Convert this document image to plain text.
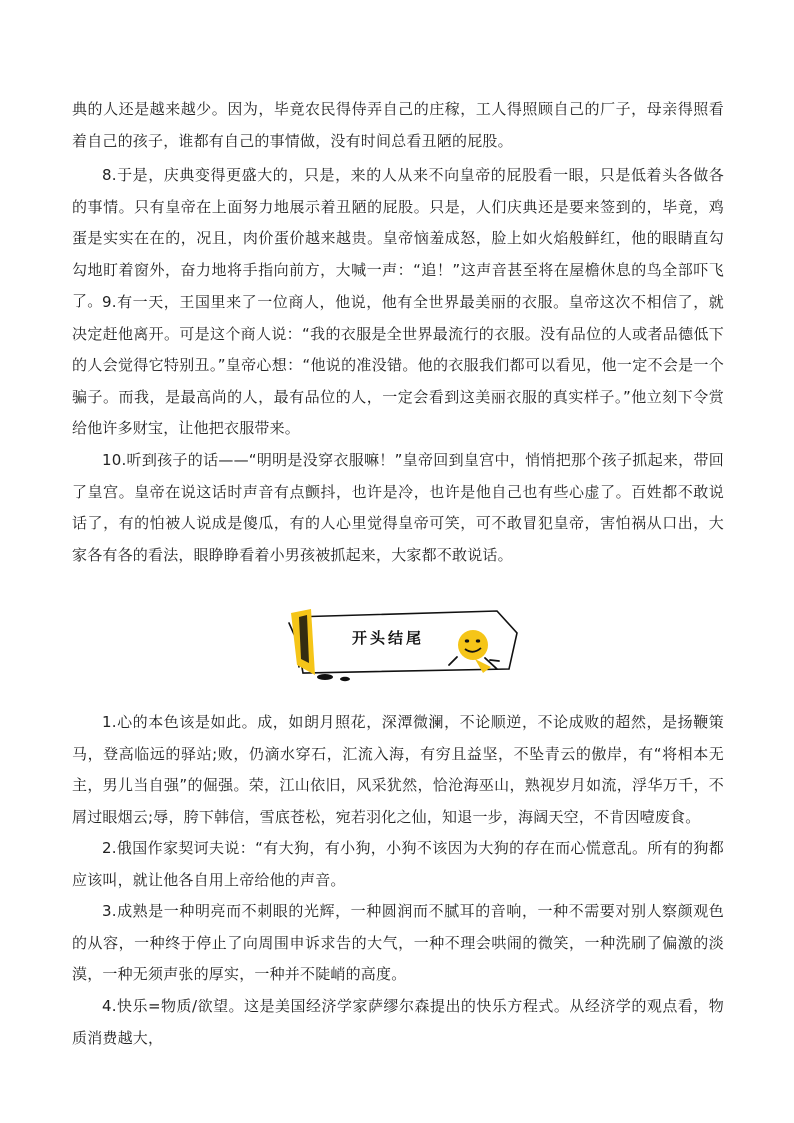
典的人还是越来越少。因为，毕竟农民得侍弄自己的庄稼，工人得照顾自己的厂子，母亲得照看着自己的孩子，谁都有自己的事情做，没有时间总看丑陋的屁股。

8.于是，庆典变得更盛大的，只是，来的人从来不向皇帝的屁股看一眼，只是低着头各做各的事情。只有皇帝在上面努力地展示着丑陋的屁股。只是，人们庆典还是要来签到的，毕竟，鸡蛋是实实在在的，况且，肉价蛋价越来越贵。皇帝恼羞成怒，脸上如火焰般鲜红，他的眼睛直勾勾地盯着窗外，奋力地将手指向前方，大喊一声：“追！”这声音甚至将在屋檐休息的鸟全部吓飞了。 9.有一天，王国里来了一位商人，他说，他有全世界最美丽的衣服。皇帝这次不相信了，就决定赶他离开。可是这个商人说：“我的衣服是全世界最流行的衣服。没有品位的人或者品德低下的人会觉得它特别丑。”皇帝心想：“他说的准没错。他的衣服我们都可以看见，他一定不会是一个骗子。而我，是最高尚的人，最有品位的人，一定会看到这美丽衣服的真实样子。”他立刻下令赏给他许多财宝，让他把衣服带来。

10.听到孩子的话——“明明是没穿衣服嘛！”皇帝回到皇宫中，悄悄把那个孩子抓起来，带回了皇宫。皇帝在说这话时声音有点颤抖，也许是冷，也许是他自己也有些心虚了。百姓都不敢说话了，有的怕被人说成是傻瓜，有的人心里觉得皇帝可笑，可不敢冒犯皇帝，害怕祸从口出，大家各有各的看法，眼睁睁看着小男孩被抓起来，大家都不敢说话。

开头结尾

1.心的本色该是如此。成，如朗月照花，深潭微澜，不论顺逆，不论成败的超然，是扬鞭策马，登高临远的驿站;败，仍滴水穿石，汇流入海，有穷且益坚，不坠青云的傲岸，有“将相本无主，男儿当自强”的倔强。荣，江山依旧，风采犹然，恰沧海巫山，熟视岁月如流，浮华万千，不屑过眼烟云;辱，胯下韩信，雪底苍松，宛若羽化之仙，知退一步，海阔天空，不肯因噎废食。

2.俄国作家契诃夫说：“有大狗，有小狗，小狗不该因为大狗的存在而心慌意乱。所有的狗都应该叫，就让他各自用上帝给他的声音。

3.成熟是一种明亮而不刺眼的光辉，一种圆润而不腻耳的音响，一种不需要对别人察颜观色的从容，一种终于停止了向周围申诉求告的大气，一种不理会哄闹的微笑，一种洗刷了偏激的淡漠，一种无须声张的厚实，一种并不陡峭的高度。

4.快乐=物质/欲望。这是美国经济学家萨缪尔森提出的快乐方程式。从经济学的观点看，物质消费越大，
